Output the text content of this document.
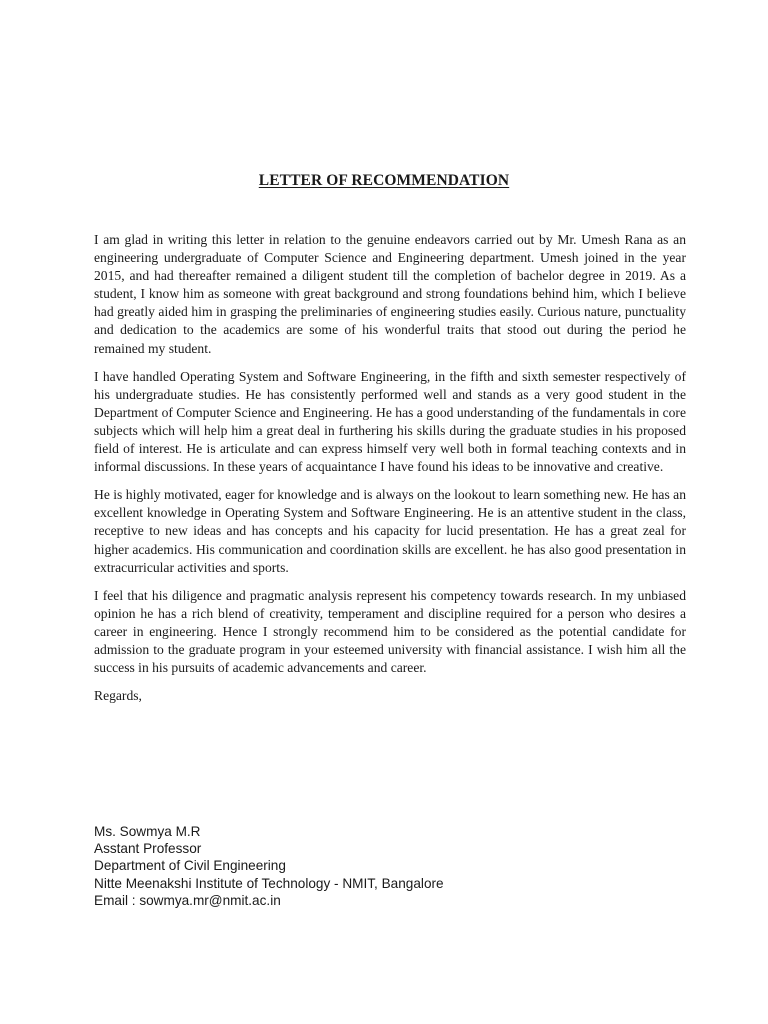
LETTER OF RECOMMENDATION

I am glad in writing this letter in relation to the genuine endeavors carried out by Mr. Umesh Rana as an engineering undergraduate of Computer Science and Engineering department. Umesh joined in the year 2015, and had thereafter remained a diligent student till the completion of bachelor degree in 2019. As a student, I know him as someone with great background and strong foundations behind him, which I believe had greatly aided him in grasping the preliminaries of engineering studies easily. Curious nature, punctuality and dedication to the academics are some of his wonderful traits that stood out during the period he remained my student.

I have handled Operating System and Software Engineering, in the fifth and sixth semester respectively of his undergraduate studies. He has consistently performed well and stands as a very good student in the Department of Computer Science and Engineering. He has a good understanding of the fundamentals in core subjects which will help him a great deal in furthering his skills during the graduate studies in his proposed field of interest. He is articulate and can express himself very well both in formal teaching contexts and in informal discussions. In these years of acquaintance I have found his ideas to be innovative and creative.

He is highly motivated, eager for knowledge and is always on the lookout to learn something new. He has an excellent knowledge in Operating System and Software Engineering. He is an attentive student in the class, receptive to new ideas and has concepts and his capacity for lucid presentation. He has a great zeal for higher academics. His communication and coordination skills are excellent. he has also good presentation in extracurricular activities and sports.

I feel that his diligence and pragmatic analysis represent his competency towards research. In my unbiased opinion he has a rich blend of creativity, temperament and discipline required for a person who desires a career in engineering. Hence I strongly recommend him to be considered as the potential candidate for admission to the graduate program in your esteemed university with financial assistance. I wish him all the success in his pursuits of academic advancements and career.

Regards,

Ms. Sowmya M.R
Asstant Professor
Department of Civil Engineering
Nitte Meenakshi Institute of Technology - NMIT, Bangalore
Email : sowmya.mr@nmit.ac.in
